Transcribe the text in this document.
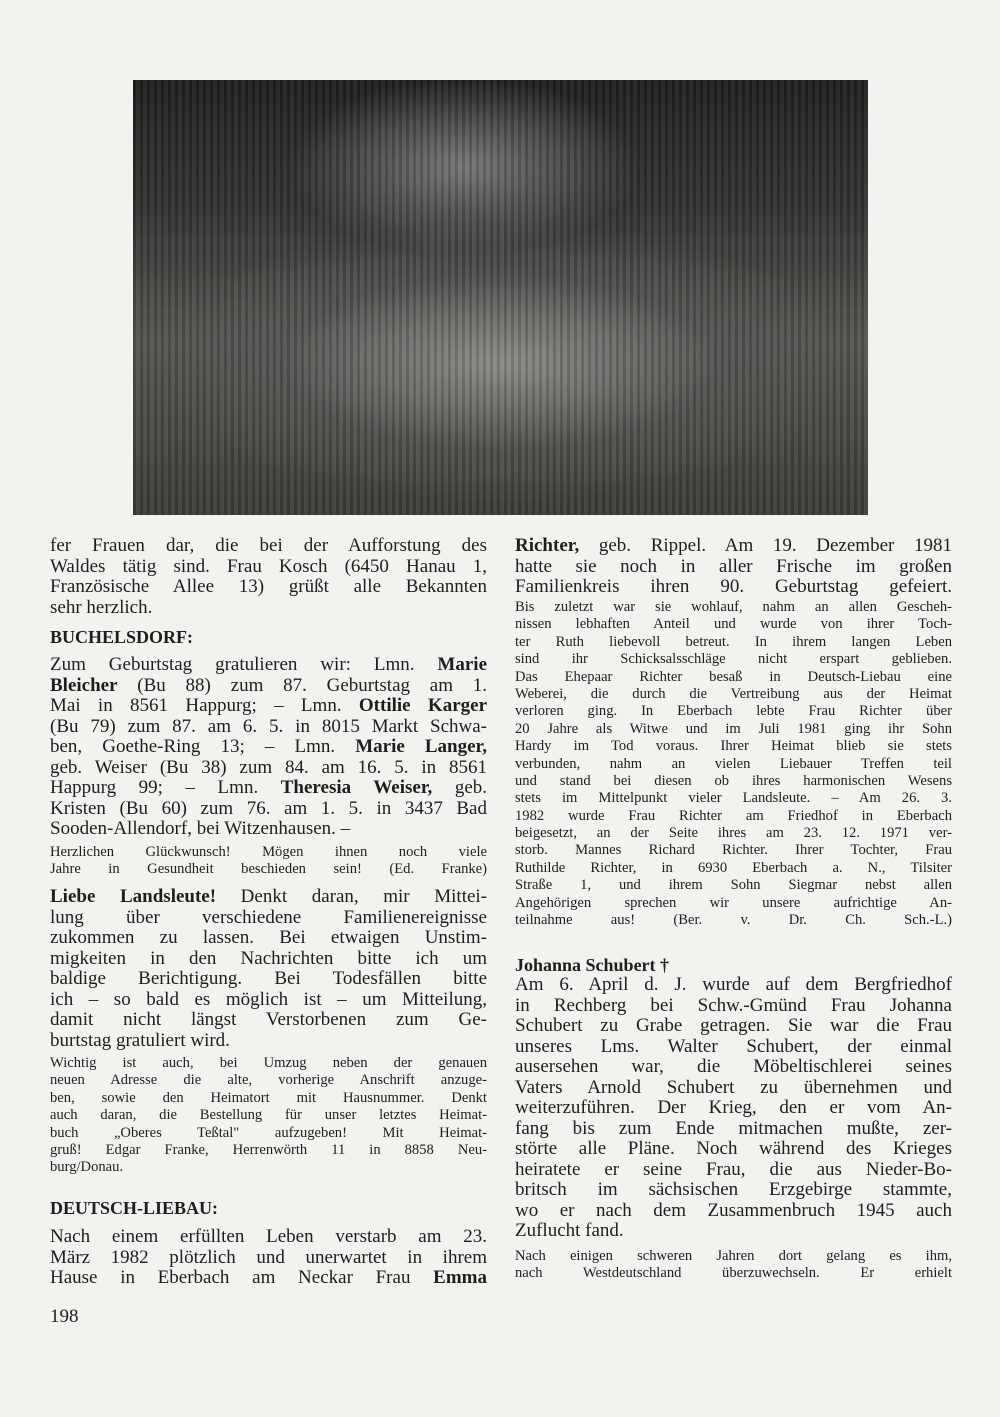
fer Frauen dar, die bei der Aufforstung des
Waldes tätig sind. Frau Kosch (6450 Hanau 1,
Französische Allee 13) grüßt alle Bekannten
sehr herzlich.
BUCHELSDORF:
Zum Geburtstag gratulieren wir: Lmn. Marie
Bleicher (Bu 88) zum 87. Geburtstag am 1.
Mai in 8561 Happurg; – Lmn. Ottilie Karger
(Bu 79) zum 87. am 6. 5. in 8015 Markt Schwa-
ben, Goethe-Ring 13; – Lmn. Marie Langer,
geb. Weiser (Bu 38) zum 84. am 16. 5. in 8561
Happurg 99; – Lmn. Theresia Weiser, geb.
Kristen (Bu 60) zum 76. am 1. 5. in 3437 Bad
Sooden-Allendorf, bei Witzenhausen. –
Herzlichen Glückwunsch! Mögen ihnen noch viele
Jahre in Gesundheit beschieden sein! (Ed. Franke)
Liebe Landsleute! Denkt daran, mir Mittei-
lung über verschiedene Familienereignisse
zukommen zu lassen. Bei etwaigen Unstim-
migkeiten in den Nachrichten bitte ich um
baldige Berichtigung. Bei Todesfällen bitte
ich – so bald es möglich ist – um Mitteilung,
damit nicht längst Verstorbenen zum Ge-
burtstag gratuliert wird.
Wichtig ist auch, bei Umzug neben der genauen
neuen Adresse die alte, vorherige Anschrift anzuge-
ben, sowie den Heimatort mit Hausnummer. Denkt
auch daran, die Bestellung für unser letztes Heimat-
buch „Oberes Teßtal" aufzugeben! Mit Heimat-
gruß! Edgar Franke, Herrenwörth 11 in 8858 Neu-
burg/Donau.
DEUTSCH-LIEBAU:
Nach einem erfüllten Leben verstarb am 23.
März 1982 plötzlich und unerwartet in ihrem
Hause in Eberbach am Neckar Frau Emma
Richter, geb. Rippel. Am 19. Dezember 1981
hatte sie noch in aller Frische im großen
Familienkreis ihren 90. Geburtstag gefeiert.
Bis zuletzt war sie wohlauf, nahm an allen Gescheh-
nissen lebhaften Anteil und wurde von ihrer Toch-
ter Ruth liebevoll betreut. In ihrem langen Leben
sind ihr Schicksalsschläge nicht erspart geblieben.
Das Ehepaar Richter besaß in Deutsch-Liebau eine
Weberei, die durch die Vertreibung aus der Heimat
verloren ging. In Eberbach lebte Frau Richter über
20 Jahre als Witwe und im Juli 1981 ging ihr Sohn
Hardy im Tod voraus. Ihrer Heimat blieb sie stets
verbunden, nahm an vielen Liebauer Treffen teil
und stand bei diesen ob ihres harmonischen Wesens
stets im Mittelpunkt vieler Landsleute. – Am 26. 3.
1982 wurde Frau Richter am Friedhof in Eberbach
beigesetzt, an der Seite ihres am 23. 12. 1971 ver-
storb. Mannes Richard Richter. Ihrer Tochter, Frau
Ruthilde Richter, in 6930 Eberbach a. N., Tilsiter
Straße 1, und ihrem Sohn Siegmar nebst allen
Angehörigen sprechen wir unsere aufrichtige An-
teilnahme aus! (Ber. v. Dr. Ch. Sch.-L.)
Johanna Schubert †
Am 6. April d. J. wurde auf dem Bergfriedhof
in Rechberg bei Schw.-Gmünd Frau Johanna
Schubert zu Grabe getragen. Sie war die Frau
unseres Lms. Walter Schubert, der einmal
ausersehen war, die Möbeltischlerei seines
Vaters Arnold Schubert zu übernehmen und
weiterzuführen. Der Krieg, den er vom An-
fang bis zum Ende mitmachen mußte, zer-
störte alle Pläne. Noch während des Krieges
heiratete er seine Frau, die aus Nieder-Bo-
britsch im sächsischen Erzgebirge stammte,
wo er nach dem Zusammenbruch 1945 auch
Zuflucht fand.
Nach einigen schweren Jahren dort gelang es ihm,
nach Westdeutschland überzuwechseln. Er erhielt
198
